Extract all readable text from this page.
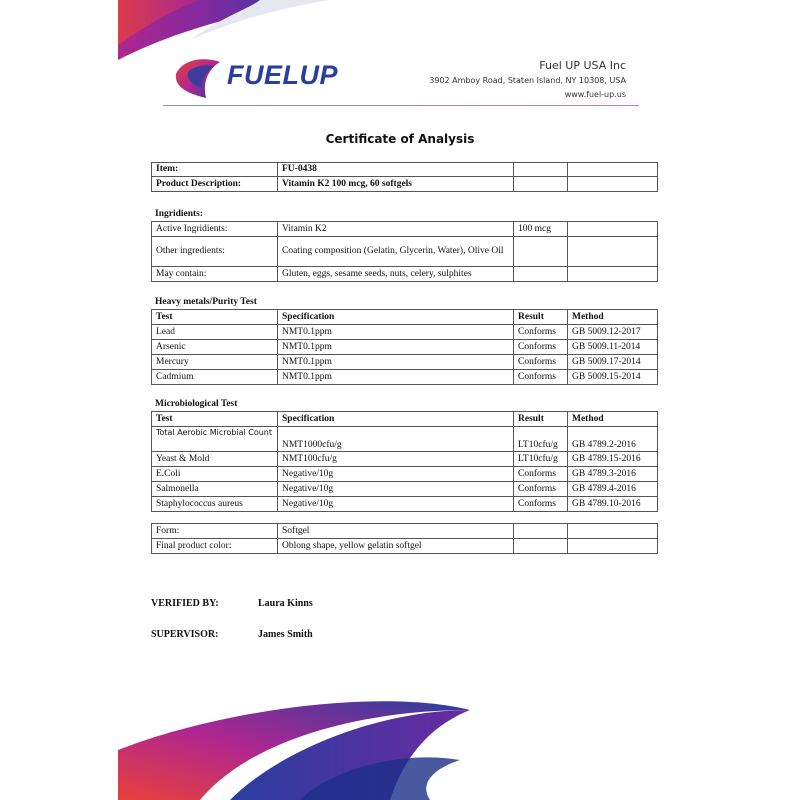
FUELUP	Fuel UP USA Inc
3902 Amboy Road, Staten Island, NY 10308, USA
www.fuel-up.us
Certificate of Analysis
Item:	FU-0438		
Product Description:	Vitamin K2 100 mcg, 60 softgels		
Ingridients:
Active Ingridients:	Vitamin K2	100 mcg	
Other ingredients:	Coating composition (Gelatin, Glycerin, Water), Olive Oil		
May contain:	Gluten, eggs, sesame seeds, nuts, celery, sulphites		
Heavy metals/Purity Test
Test	Specification	Result	Method
Lead	NMT0.1ppm	Conforms	GB 5009.12-2017
Arsenic	NMT0.1ppm	Conforms	GB 5009.11-2014
Mercury	NMT0.1ppm	Conforms	GB 5009.17-2014
Cadmium	NMT0.1ppm	Conforms	GB 5009.15-2014
Microbiological Test
Test	Specification	Result	Method
Total Aerobic Microbial Count	NMT1000cfu/g	LT10cfu/g	GB 4789.2-2016
Yeast & Mold	NMT100cfu/g	LT10cfu/g	GB 4789.15-2016
E.Coli	Negative/10g	Conforms	GB 4789.3-2016
Salmonella	Negative/10g	Conforms	GB 4789.4-2016
Staphylococcus aureus	Negative/10g	Conforms	GB 4789.10-2016
Form:	Softgel		
Final product color:	Oblong shape, yellow gelatin softgel		
VERIFIED BY:	Laura Kinns
SUPERVISOR:	James Smith
